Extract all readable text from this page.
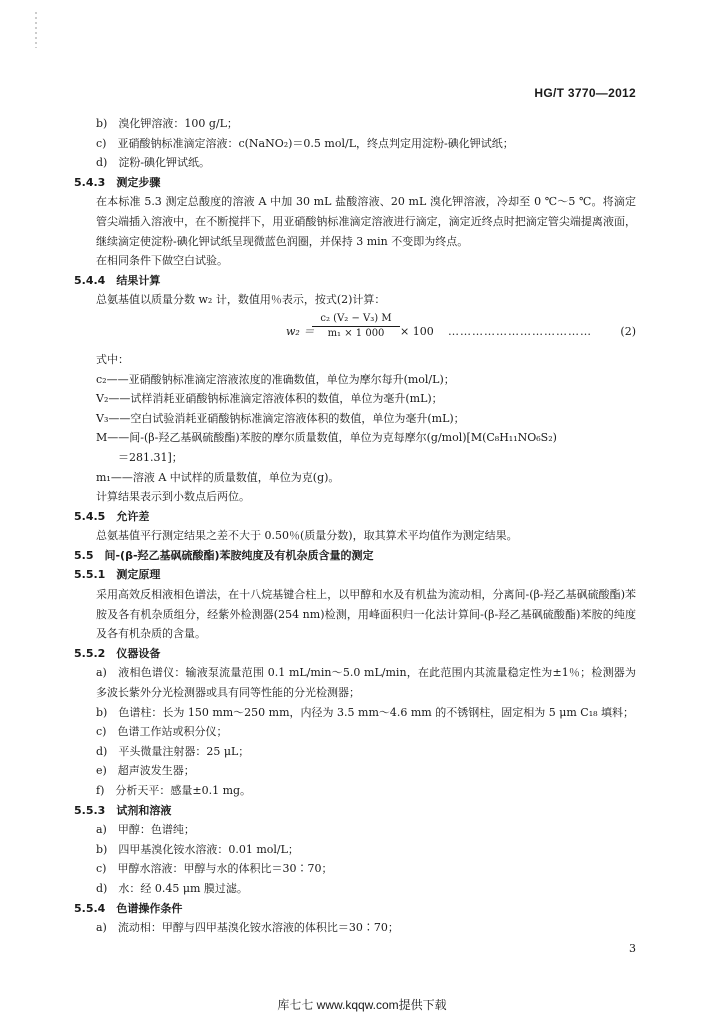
HG/T 3770—2012

b)　溴化钾溶液：100 g/L；

c)　亚硝酸钠标准滴定溶液：c(NaNO₂)＝0.5 mol/L，终点判定用淀粉-碘化钾试纸；

d)　淀粉-碘化钾试纸。

5.4.3　测定步骤

在本标准 5.3 测定总酸度的溶液 A 中加 30 mL 盐酸溶液、20 mL 溴化钾溶液，冷却至 0 ℃～5 ℃。将滴定管尖端插入溶液中，在不断搅拌下，用亚硝酸钠标准滴定溶液进行滴定，滴定近终点时把滴定管尖端提离液面，继续滴定使淀粉-碘化钾试纸呈现微蓝色润圈，并保持 3 min 不变即为终点。

在相同条件下做空白试验。

5.4.4　结果计算

总氨基值以质量分数 w₂ 计，数值用％表示，按式(2)计算：

w₂ ＝
$\frac{\text{c₂ (V₂ − V₃) M}}{\text{m₁ × 1 000}} \times 100$ ………………………………	(2)

式中：

c₂——亚硝酸钠标准滴定溶液浓度的准确数值，单位为摩尔每升(mol/L)；

V₂——试样消耗亚硝酸钠标准滴定溶液体积的数值，单位为毫升(mL)；

V₃——空白试验消耗亚硝酸钠标准滴定溶液体积的数值，单位为毫升(mL)；

M——间-(β-羟乙基砜硫酸酯)苯胺的摩尔质量数值，单位为克每摩尔(g/mol)[M(C₈H₁₁NO₆S₂)

＝281.31]；

m₁——溶液 A 中试样的质量数值，单位为克(g)。

计算结果表示到小数点后两位。

5.4.5　允许差

总氨基值平行测定结果之差不大于 0.50％(质量分数)，取其算术平均值作为测定结果。

5.5　间-(β-羟乙基砜硫酸酯)苯胺纯度及有机杂质含量的测定

5.5.1　测定原理

采用高效反相液相色谱法，在十八烷基键合柱上，以甲醇和水及有机盐为流动相，分离间-(β-羟乙基砜硫酸酯)苯胺及各有机杂质组分，经紫外检测器(254 nm)检测，用峰面积归一化法计算间-(β-羟乙基砜硫酸酯)苯胺的纯度及各有机杂质的含量。

5.5.2　仪器设备

a)　液相色谱仪：输液泵流量范围 0.1 mL/min～5.0 mL/min，在此范围内其流量稳定性为±1％；检测器为多波长紫外分光检测器或具有同等性能的分光检测器；

b)　色谱柱：长为 150 mm～250 mm，内径为 3.5 mm～4.6 mm 的不锈钢柱，固定相为 5 μm C₁₈ 填料；

c)　色谱工作站或积分仪；

d)　平头微量注射器：25 μL；

e)　超声波发生器；

f)　分析天平：感量±0.1 mg。

5.5.3　试剂和溶液

a)　甲醇：色谱纯；

b)　四甲基溴化铵水溶液：0.01 mol/L；

c)　甲醇水溶液：甲醇与水的体积比＝30∶70；

d)　水：经 0.45 μm 膜过滤。

5.5.4　色谱操作条件

a)　流动相：甲醇与四甲基溴化铵水溶液的体积比＝30∶70；

3
库七七 www.kqqw.com提供下载
